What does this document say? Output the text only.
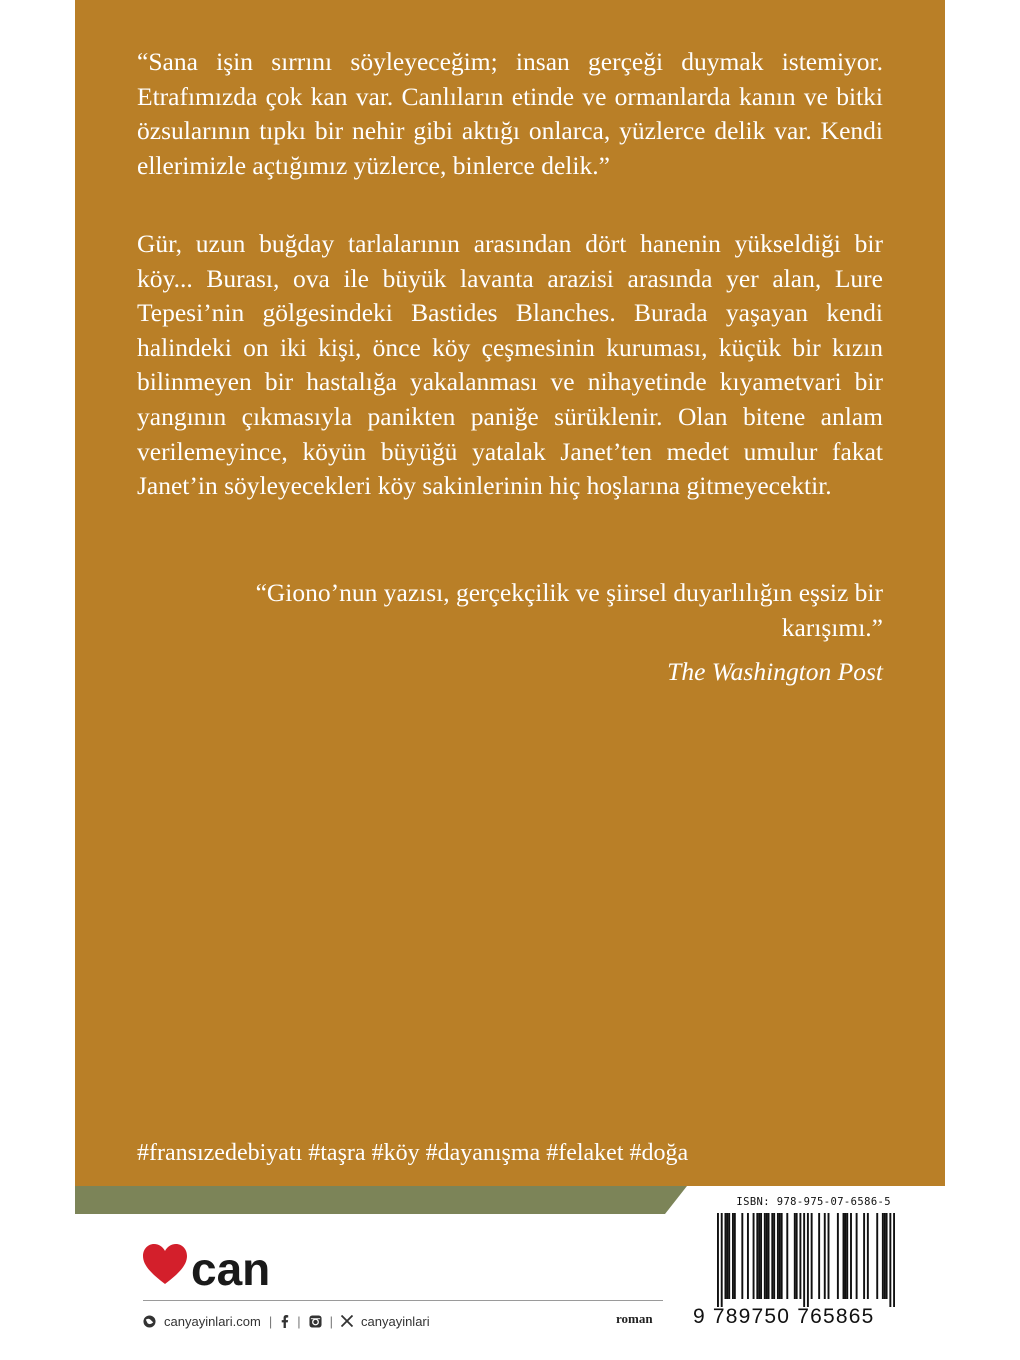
“Sana işin sırrını söyleyeceğim; insan gerçeği duymak istemiyor. Etrafımızda çok kan var. Canlıların etinde ve ormanlarda kanın ve bitki özsularının tıpkı bir nehir gibi aktığı onlarca, yüzlerce delik var. Kendi ellerimizle açtığımız yüzlerce, binlerce delik.”

Gür, uzun buğday tarlalarının arasından dört hanenin yükseldiği bir köy... Burası, ova ile büyük lavanta arazisi arasında yer alan, Lure Tepesi’nin gölgesindeki Bastides Blanches. Burada yaşayan kendi halindeki on iki kişi, önce köy çeşmesinin kuruması, küçük bir kızın bilinmeyen bir hastalığa yakalanması ve nihayetinde kıyametvari bir yangının çıkmasıyla panikten paniğe sürüklenir. Olan bitene anlam verilemeyince, köyün büyüğü yatalak Janet’ten medet umulur fakat Janet’in söyleyecekleri köy sakinlerinin hiç hoşlarına gitmeyecektir.

“Giono’nun yazısı, gerçekçilik ve şiirsel duyarlılığın eşsiz bir karışımı.”

The Washington Post

#fransızedebiyatı #taşra #köy #dayanışma #felaket #doğa
can
canyayinlari.com | | | canyayinlari	roman
ISBN: 978-975-07-6586-5
9 789750 765865
